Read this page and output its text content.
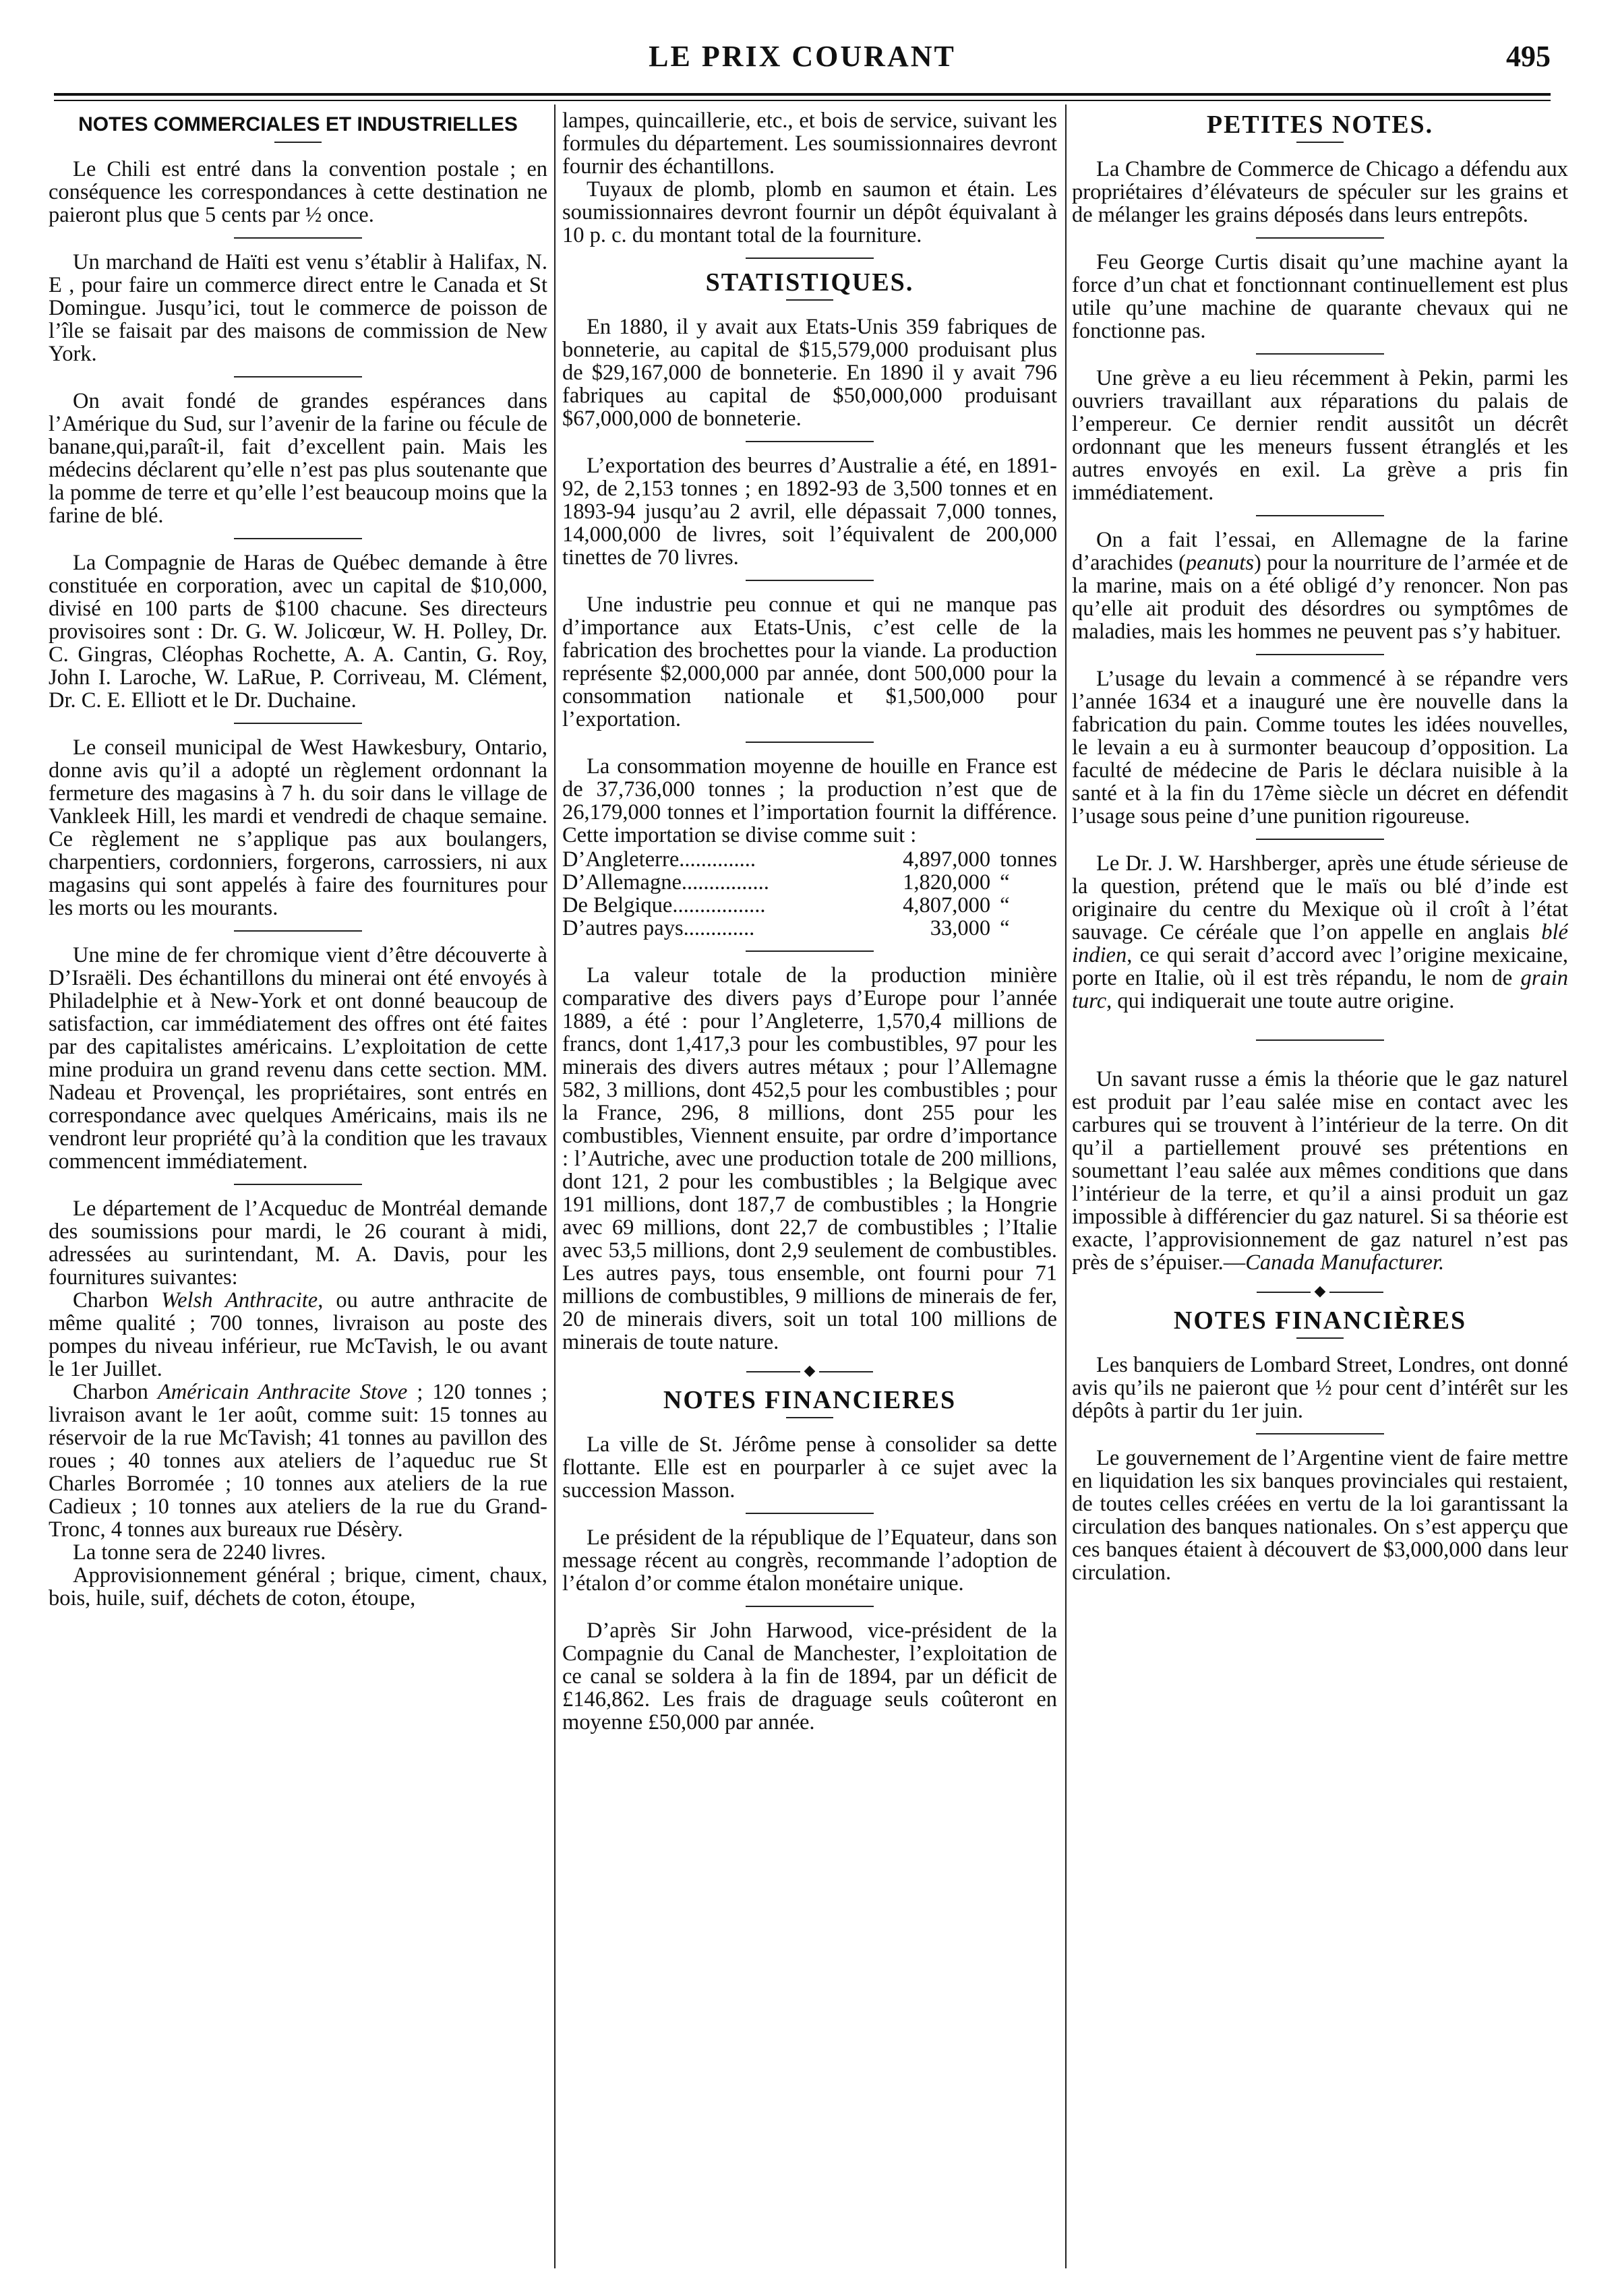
LE PRIX COURANT	495
NOTES COMMERCIALES ET INDUSTRIELLES

Le Chili est entré dans la convention postale ; en conséquence les correspondances à cette destination ne paieront plus que 5 cents par ½ once.

Un marchand de Haïti est venu s’établir à Halifax, N. E , pour faire un commerce direct entre le Canada et St Domingue. Jusqu’ici, tout le commerce de poisson de l’île se faisait par des maisons de commission de New York.

On avait fondé de grandes espérances dans l’Amérique du Sud, sur l’avenir de la farine ou fécule de banane,qui,paraît-il, fait d’excellent pain. Mais les médecins déclarent qu’elle n’est pas plus soutenante que la pomme de terre et qu’elle l’est beaucoup moins que la farine de blé.

La Compagnie de Haras de Québec demande à être constituée en corporation, avec un capital de $10,000, divisé en 100 parts de $100 chacune. Ses directeurs provisoires sont : Dr. G. W. Jolicœur, W. H. Polley, Dr. C. Gingras, Cléophas Rochette, A. A. Cantin, G. Roy, John I. Laroche, W. LaRue, P. Corriveau, M. Clément, Dr. C. E. Elliott et le Dr. Duchaine.

Le conseil municipal de West Hawkesbury, Ontario, donne avis qu’il a adopté un règlement ordonnant la fermeture des magasins à 7 h. du soir dans le village de Vankleek Hill, les mardi et vendredi de chaque semaine. Ce règlement ne s’applique pas aux boulangers, charpentiers, cordonniers, forgerons, carrossiers, ni aux magasins qui sont appelés à faire des fournitures pour les morts ou les mourants.

Une mine de fer chromique vient d’être découverte à D’Israëli. Des échantillons du minerai ont été envoyés à Philadelphie et à New-York et ont donné beaucoup de satisfaction, car immédiatement des offres ont été faites par des capitalistes américains. L’exploitation de cette mine produira un grand revenu dans cette section. MM. Nadeau et Provençal, les propriétaires, sont entrés en correspondance avec quelques Américains, mais ils ne vendront leur propriété qu’à la condition que les travaux commencent immédiatement.

Le département de l’Acqueduc de Montréal demande des soumissions pour mardi, le 26 courant à midi, adressées au surintendant, M. A. Davis, pour les fournitures suivantes:

Charbon Welsh Anthracite, ou autre anthracite de même qualité ; 700 tonnes, livraison au poste des pompes du niveau inférieur, rue McTavish, le ou avant le 1er Juillet.

Charbon Américain Anthracite Stove ; 120 tonnes ; livraison avant le 1er août, comme suit: 15 tonnes au réservoir de la rue McTavish; 41 tonnes au pavillon des roues ; 40 tonnes aux ateliers de l’aqueduc rue St Charles Borromée ; 10 tonnes aux ateliers de la rue Cadieux ; 10 tonnes aux ateliers de la rue du Grand-Tronc, 4 tonnes aux bureaux rue Désèry.

La tonne sera de 2240 livres.

Approvisionnement général ; brique, ciment, chaux, bois, huile, suif, déchets de coton, étoupe,

lampes, quincaillerie, etc., et bois de service, suivant les formules du département. Les soumissionnaires devront fournir des échantillons.

Tuyaux de plomb, plomb en saumon et étain. Les soumissionnaires devront fournir un dépôt équivalant à 10 p. c. du montant total de la fourniture.

STATISTIQUES.

En 1880, il y avait aux Etats-Unis 359 fabriques de bonneterie, au capital de $15,579,000 produisant plus de $29,167,000 de bonneterie. En 1890 il y avait 796 fabriques au capital de $50,000,000 produisant $67,000,000 de bonneterie.

L’exportation des beurres d’Australie a été, en 1891-92, de 2,153 tonnes ; en 1892-93 de 3,500 tonnes et en 1893-94 jusqu’au 2 avril, elle dépassait 7,000 tonnes, 14,000,000 de livres, soit l’équivalent de 200,000 tinettes de 70 livres.

Une industrie peu connue et qui ne manque pas d’importance aux Etats-Unis, c’est celle de la fabrication des brochettes pour la viande. La production représente $2,000,000 par année, dont 500,000 pour la consommation nationale et $1,500,000 pour l’exportation.

La consommation moyenne de houille en France est de 37,736,000 tonnes ; la production n’est que de 26,179,000 tonnes et l’importation fournit la différence. Cette importation se divise comme suit :

D’Angleterre..............	4,897,000	tonnes
D’Allemagne................	1,820,000	“
De Belgique.................	4,807,000	“
D’autres pays.............	33,000	“

La valeur totale de la production minière comparative des divers pays d’Europe pour l’année 1889, a été : pour l’Angleterre, 1,570,4 millions de francs, dont 1,417,3 pour les combustibles, 97 pour les minerais des divers autres métaux ; pour l’Allemagne 582, 3 millions, dont 452,5 pour les combustibles ; pour la France, 296, 8 millions, dont 255 pour les combustibles, Viennent ensuite, par ordre d’importance : l’Autriche, avec une production totale de 200 millions, dont 121, 2 pour les combustibles ; la Belgique avec 191 millions, dont 187,7 de combustibles ; la Hongrie avec 69 millions, dont 22,7 de combustibles ; l’Italie avec 53,5 millions, dont 2,9 seulement de combustibles. Les autres pays, tous ensemble, ont fourni pour 71 millions de combustibles, 9 millions de minerais de fer, 20 de minerais divers, soit un total 100 millions de minerais de toute nature.

◆
NOTES FINANCIERES

La ville de St. Jérôme pense à consolider sa dette flottante. Elle est en pourparler à ce sujet avec la succession Masson.

Le président de la république de l’Equateur, dans son message récent au congrès, recommande l’adoption de l’étalon d’or comme étalon monétaire unique.

D’après Sir John Harwood, vice-président de la Compagnie du Canal de Manchester, l’exploitation de ce canal se soldera à la fin de 1894, par un déficit de £146,862. Les frais de draguage seuls coûteront en moyenne £50,000 par année.

PETITES NOTES.

La Chambre de Commerce de Chicago a défendu aux propriétaires d’élévateurs de spéculer sur les grains et de mélanger les grains déposés dans leurs entrepôts.

Feu George Curtis disait qu’une machine ayant la force d’un chat et fonctionnant continuellement est plus utile qu’une machine de quarante chevaux qui ne fonctionne pas.

Une grève a eu lieu récemment à Pekin, parmi les ouvriers travaillant aux réparations du palais de l’empereur. Ce dernier rendit aussitôt un décrêt ordonnant que les meneurs fussent étranglés et les autres envoyés en exil. La grève a pris fin immédiatement.

On a fait l’essai, en Allemagne de la farine d’arachides (peanuts) pour la nourriture de l’armée et de la marine, mais on a été obligé d’y renoncer. Non pas qu’elle ait produit des désordres ou symptômes de maladies, mais les hommes ne peuvent pas s’y habituer.

L’usage du levain a commencé à se répandre vers l’année 1634 et a inauguré une ère nouvelle dans la fabrication du pain. Comme toutes les idées nouvelles, le levain a eu à surmonter beaucoup d’opposition. La faculté de médecine de Paris le déclara nuisible à la santé et à la fin du 17ème siècle un décret en défendit l’usage sous peine d’une punition rigoureuse.

Le Dr. J. W. Harshberger, après une étude sérieuse de la question, prétend que le maïs ou blé d’inde est originaire du centre du Mexique où il croît à l’état sauvage. Ce céréale que l’on appelle en anglais blé indien, ce qui serait d’accord avec l’origine mexicaine, porte en Italie, où il est très répandu, le nom de grain turc, qui indiquerait une toute autre origine.

Un savant russe a émis la théorie que le gaz naturel est produit par l’eau salée mise en contact avec les carbures qui se trouvent à l’intérieur de la terre. On dit qu’il a partiellement prouvé ses prétentions en soumettant l’eau salée aux mêmes conditions que dans l’intérieur de la terre, et qu’il a ainsi produit un gaz impossible à différencier du gaz naturel. Si sa théorie est exacte, l’approvisionnement de gaz naturel n’est pas près de s’épuiser.—Canada Manufacturer.

◆
NOTES FINANCIÈRES

Les banquiers de Lombard Street, Londres, ont donné avis qu’ils ne paieront que ½ pour cent d’intérêt sur les dépôts à partir du 1er juin.

Le gouvernement de l’Argentine vient de faire mettre en liquidation les six banques provinciales qui restaient, de toutes celles créées en vertu de la loi garantissant la circulation des banques nationales. On s’est apperçu que ces banques étaient à découvert de $3,000,000 dans leur circulation.
